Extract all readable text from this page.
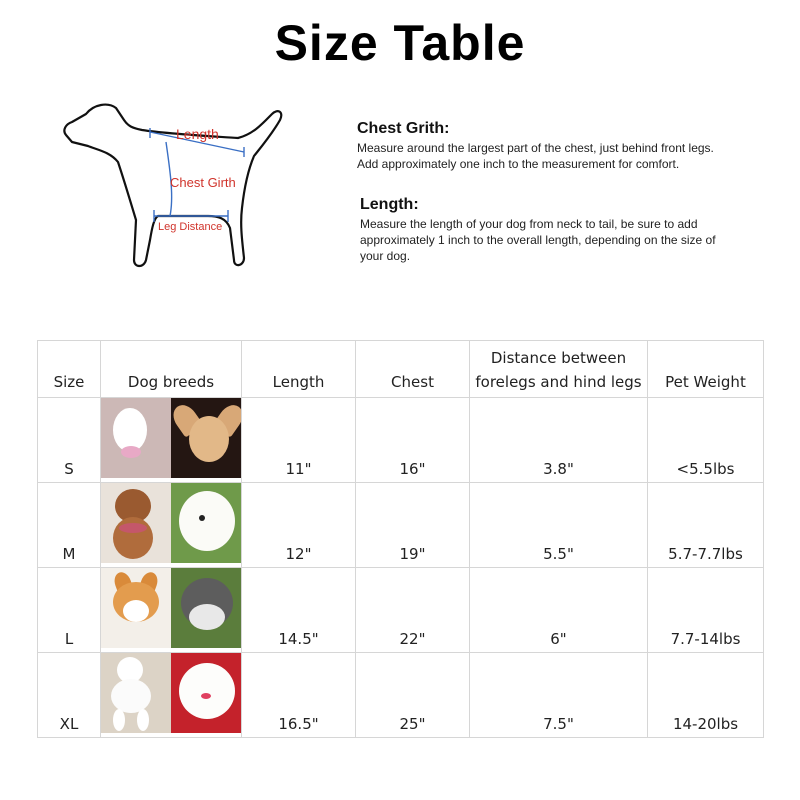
Size Table
Length
Chest Girth
Leg Distance
Chest Grith:

Measure around the largest part of the chest, just behind front legs. Add approximately one inch to the measurement for comfort.

Length:

Measure the length of your dog from neck to tail, be sure to add approximately 1 inch to the overall length, depending on the size of your dog.

Size	Dog breeds	Length	Chest	Distance between forelegs and hind legs	Pet Weight
S		11"	16"	3.8"	<5.5lbs
M		12"	19"	5.5"	5.7-7.7lbs
L		14.5"	22"	6"	7.7-14lbs
XL		16.5"	25"	7.5"	14-20lbs
